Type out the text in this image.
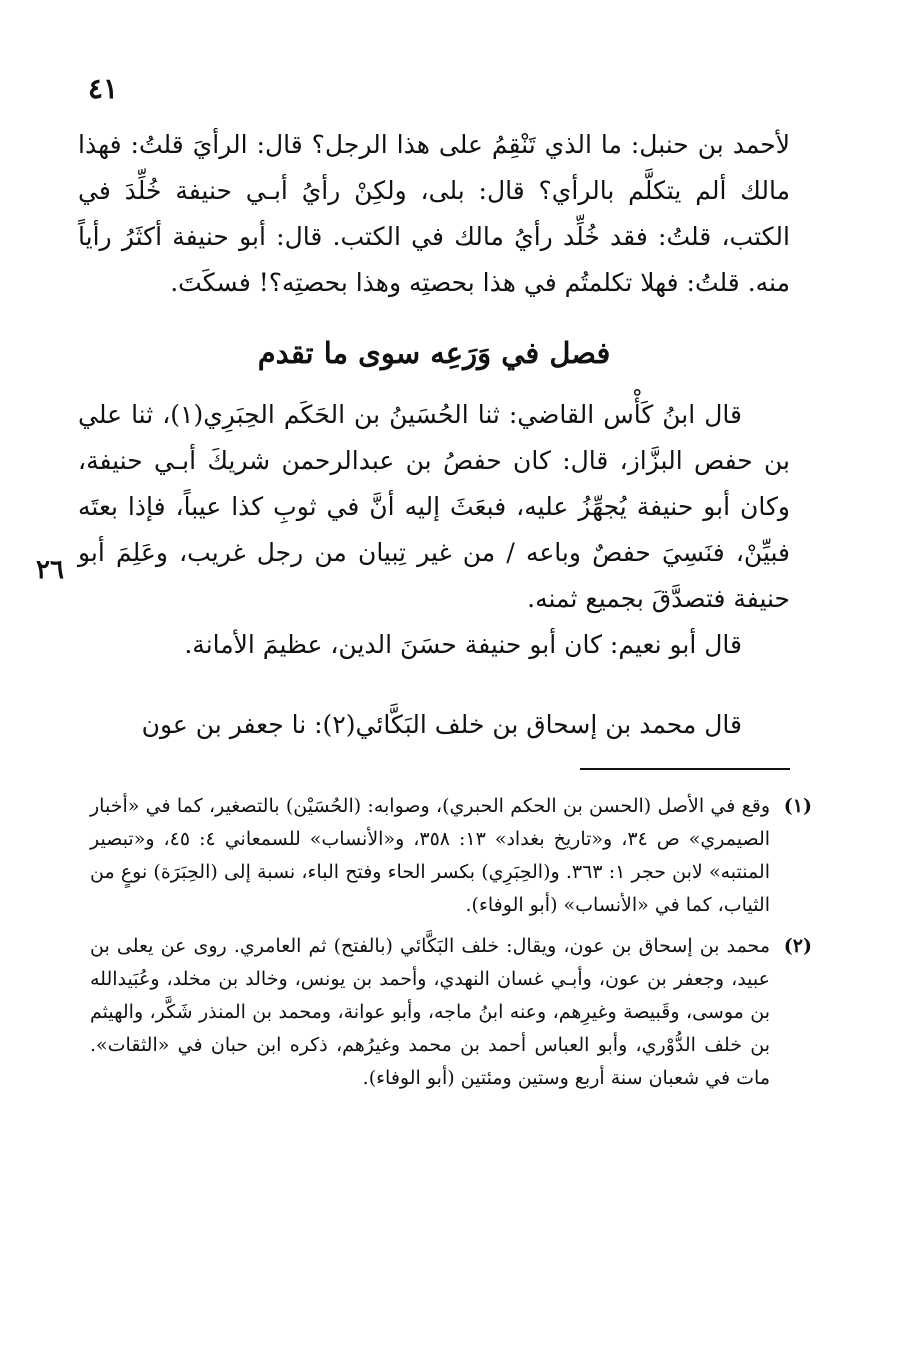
٤١

لأحمد بن حنبل: ما الذي تَنْقِمُ على هذا الرجل؟ قال: الرأيَ قلتُ: فهذا مالك ألم يتكلَّم بالرأي؟ قال: بلى، ولكِنْ رأيُ أبـي حنيفة خُلِّدَ في الكتب، قلتُ: فقد خُلِّد رأيُ مالك في الكتب. قال: أبو حنيفة أكثَرُ رأياً منه. قلتُ: فهلا تكلمتُم في هذا بحصتِه وهذا بحصتِه؟! فسكَتَ.

فصل في وَرَعِه سوى ما تقدم

قال ابنُ كَأْس القاضي: ثنا الحُسَينُ بن الحَكَم الحِبَرِي(١)، ثنا علي بن حفص البزَّاز، قال: كان حفصُ بن عبدالرحمن شريكَ أبـي حنيفة، وكان أبو حنيفة يُجهِّزُ عليه، فبعَثَ إليه أنَّ في ثوبِ كذا عيباً، فإذا بعتَه فبيِّنْ، فنَسِيَ حفصٌ وباعه / من غير تِبيان من رجل غريب، وعَلِمَ أبو حنيفة فتصدَّقَ بجميع ثمنه.

قال أبو نعيم: كان أبو حنيفة حسَنَ الدين، عظيمَ الأمانة.

٢٦

قال محمد بن إسحاق بن خلف البَكَّائي(٢): نا جعفر بن عون

(١)
وقع في الأصل (الحسن بن الحكم الحبري)، وصوابه: (الحُسَيْن) بالتصغير، كما في «أخبار الصيمري» ص ٣٤، و«تاريخ بغداد» ١٣: ٣٥٨، و«الأنساب» للسمعاني ٤: ٤٥، و«تبصير المنتبه» لابن حجر ١: ٣٦٣. و(الحِبَرِي) بكسر الحاء وفتح الباء، نسبة إلى (الحِبَرَة) نوعٍ من الثياب، كما في «الأنساب» (أبو الوفاء).
(٢)
محمد بن إسحاق بن عون، ويقال: خلف البَكَّائي (بالفتح) ثم العامري. روى عن يعلى بن عبيد، وجعفر بن عون، وأبـي غسان النهدي، وأحمد بن يونس، وخالد بن مخلد، وعُبَيدالله بن موسى، وقَبيصة وغيرِهم، وعنه ابنُ ماجه، وأبو عوانة، ومحمد بن المنذر شَكَّر، والهيثم بن خلف الدُّوْري، وأبو العباس أحمد بن محمد وغيرُهم، ذكره ابن حبان في «الثقات». مات في شعبان سنة أربع وستين ومئتين (أبو الوفاء).
